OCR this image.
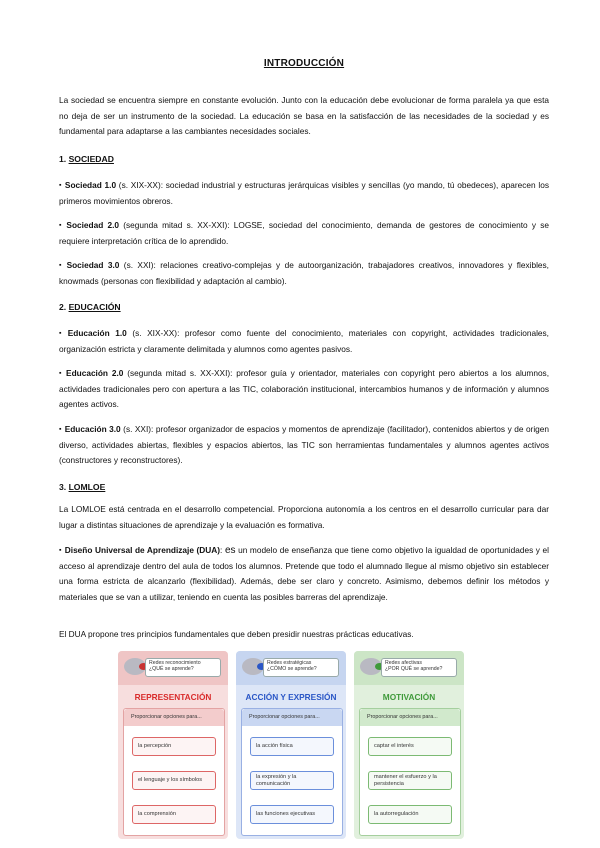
INTRODUCCIÓN

La sociedad se encuentra siempre en constante evolución. Junto con la educación debe evolucionar de forma paralela ya que esta no deja de ser un instrumento de la sociedad. La educación se basa en la satisfacción de las necesidades de la sociedad y es fundamental para adaptarse a las cambiantes necesidades sociales.

1. SOCIEDAD

▪ Sociedad 1.0 (s. XIX-XX): sociedad industrial y estructuras jerárquicas visibles y sencillas (yo mando, tú obedeces), aparecen los primeros movimientos obreros.

▪ Sociedad 2.0 (segunda mitad s. XX-XXI): LOGSE, sociedad del conocimiento, demanda de gestores de conocimiento y se requiere interpretación crítica de lo aprendido.

▪ Sociedad 3.0 (s. XXI): relaciones creativo-complejas y de autoorganización, trabajadores creativos, innovadores y flexibles, knowmads (personas con flexibilidad y adaptación al cambio).

2. EDUCACIÓN

▪ Educación 1.0 (s. XIX-XX): profesor como fuente del conocimiento, materiales con copyright, actividades tradicionales, organización estricta y claramente delimitada y alumnos como agentes pasivos.

▪ Educación 2.0 (segunda mitad s. XX-XXI): profesor guía y orientador, materiales con copyright pero abiertos a los alumnos, actividades tradicionales pero con apertura a las TIC, colaboración institucional, intercambios humanos y de información y alumnos agentes activos.

▪ Educación 3.0 (s. XXI): profesor organizador de espacios y momentos de aprendizaje (facilitador), contenidos abiertos y de origen diverso, actividades abiertas, flexibles y espacios abiertos, las TIC son herramientas fundamentales y alumnos agentes activos (constructores y reconstructores).

3. LOMLOE

La LOMLOE está centrada en el desarrollo competencial. Proporciona autonomía a los centros en el desarrollo curricular para dar lugar a distintas situaciones de aprendizaje y la evaluación es formativa.

▪ Diseño Universal de Aprendizaje (DUA): es un modelo de enseñanza que tiene como objetivo la igualdad de oportunidades y el acceso al aprendizaje dentro del aula de todos los alumnos. Pretende que todo el alumnado llegue al mismo objetivo sin establecer una forma estricta de alcanzarlo (flexibilidad). Además, debe ser claro y concreto. Asimismo, debemos definir los métodos y materiales que se van a utilizar, teniendo en cuenta las posibles barreras del aprendizaje.

El DUA propone tres principios fundamentales que deben presidir nuestras prácticas educativas.

Redes reconocimiento
¿QUÉ se aprende?
REPRESENTACIÓN
Proporcionar opciones para...
la percepción
el lenguaje y los símbolos
la comprensión
Redes estratégicas
¿CÓMO se aprende?
ACCIÓN Y EXPRESIÓN
Proporcionar opciones para...
la acción física
la expresión y la comunicación
las funciones ejecutivas
Redes afectivas
¿POR QUÉ se aprende?
MOTIVACIÓN
Proporcionar opciones para...
captar el interés
mantener el esfuerzo y la persistencia
la autorregulación
